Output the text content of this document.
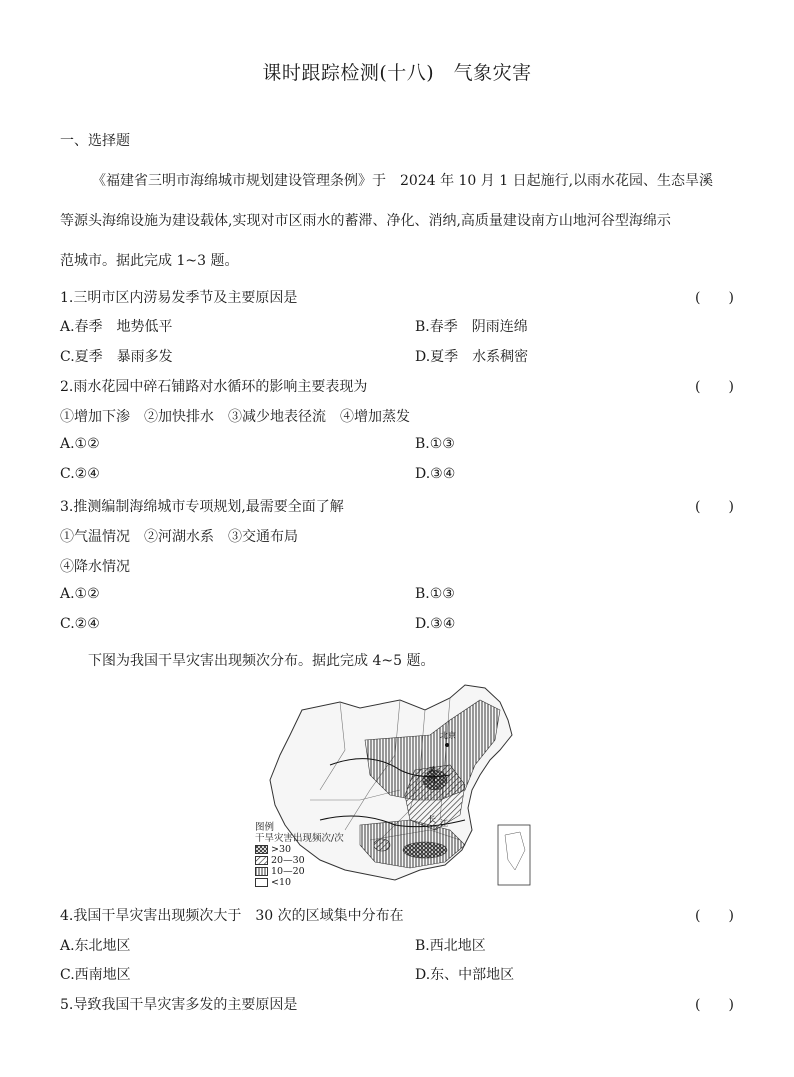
课时跟踪检测(十八)　气象灾害
一、选择题
《福建省三明市海绵城市规划建设管理条例》于　2024 年 10 月 1 日起施行,以雨水花园、生态旱溪
等源头海绵设施为建设载体,实现对市区雨水的蓄滞、净化、消纳,高质量建设南方山地河谷型海绵示
范城市。据此完成 1~3 题。
1.三明市区内涝易发季节及主要原因是	(　　)
A.春季　地势低平	B.春季　阴雨连绵
C.夏季　暴雨多发	D.夏季　水系稠密
2.雨水花园中碎石铺路对水循环的影响主要表现为	(　　)
①增加下渗　②加快排水　③减少地表径流　④增加蒸发
A.①②	B.①③
C.②④	D.③④
3.推测编制海绵城市专项规划,最需要全面了解	(　　)
①气温情况　②河湖水系　③交通布局
④降水情况
A.①②	B.①③
C.②④	D.③④
下图为我国干旱灾害出现频次分布。据此完成 4~5 题。
北京
黄
河
长 江
图例
干旱灾害出现频次/次
>30
20—30
10—20
<10
4.我国干旱灾害出现频次大于　30 次的区域集中分布在	(　　)
A.东北地区	B.西北地区
C.西南地区	D.东、中部地区
5.导致我国干旱灾害多发的主要原因是	(　　)
